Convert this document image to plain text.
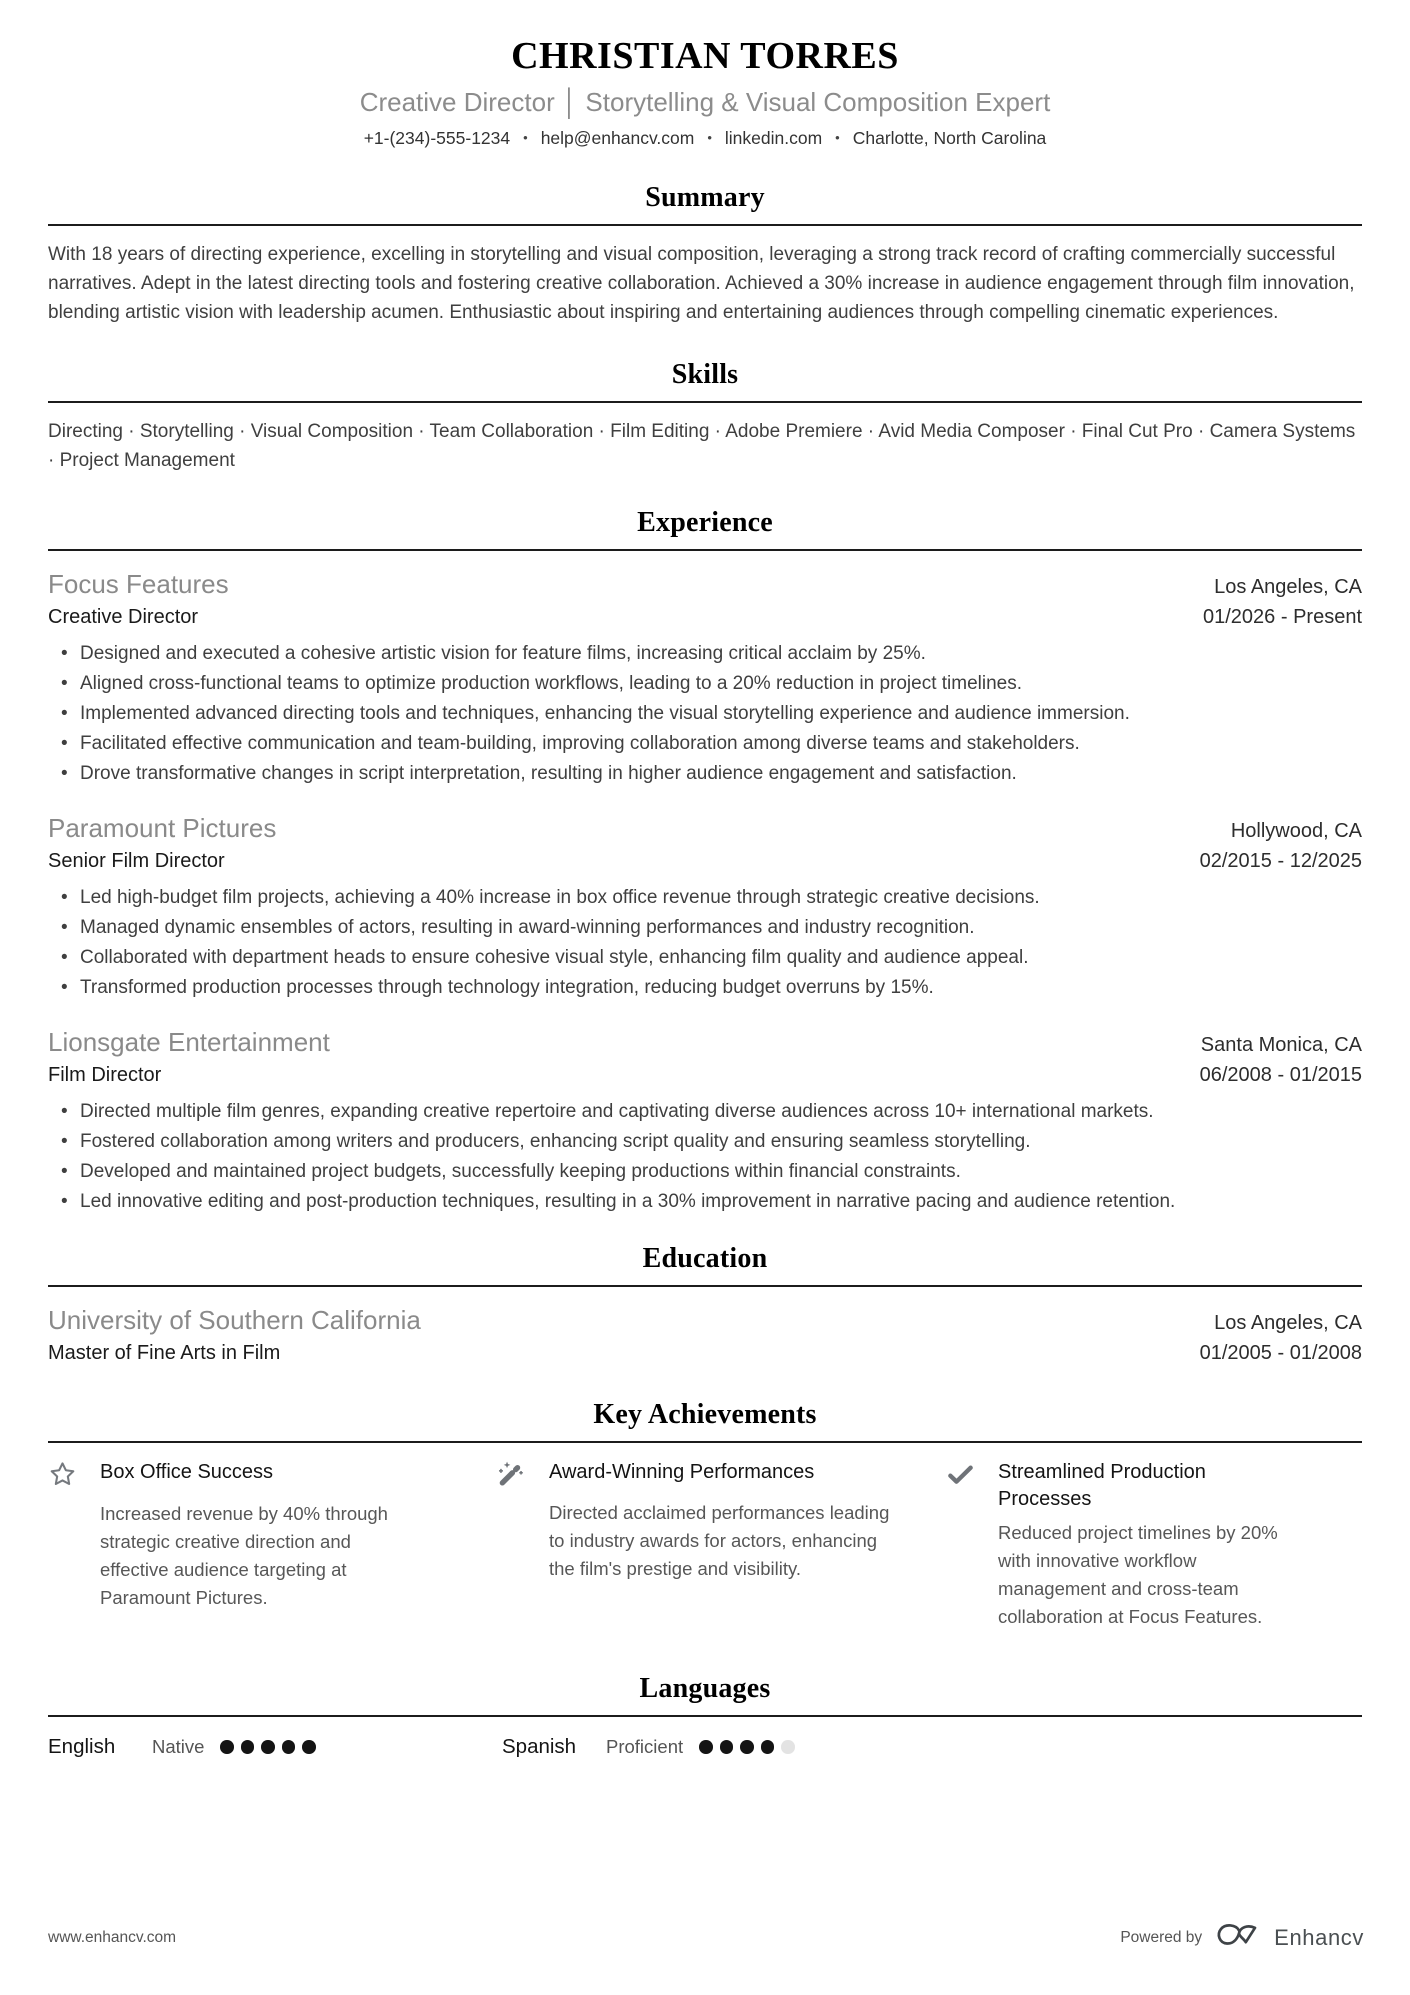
CHRISTIAN TORRES
Creative Director │ Storytelling & Visual Composition Expert
+1-(234)-555-1234 • help@enhancv.com • linkedin.com • Charlotte, North Carolina
Summary

With 18 years of directing experience, excelling in storytelling and visual composition, leveraging a strong track record of crafting commercially successful narratives. Adept in the latest directing tools and fostering creative collaboration. Achieved a 30% increase in audience engagement through film innovation, blending artistic vision with leadership acumen. Enthusiastic about inspiring and entertaining audiences through compelling cinematic experiences.

Skills

Directing · Storytelling · Visual Composition · Team Collaboration · Film Editing · Adobe Premiere · Avid Media Composer · Final Cut Pro · Camera Systems · Project Management

Experience
Focus Features	Los Angeles, CA
Creative Director	01/2026 - Present
• Designed and executed a cohesive artistic vision for feature films, increasing critical acclaim by 25%.
• Aligned cross-functional teams to optimize production workflows, leading to a 20% reduction in project timelines.
• Implemented advanced directing tools and techniques, enhancing the visual storytelling experience and audience immersion.
• Facilitated effective communication and team-building, improving collaboration among diverse teams and stakeholders.
• Drove transformative changes in script interpretation, resulting in higher audience engagement and satisfaction.
Paramount Pictures	Hollywood, CA
Senior Film Director	02/2015 - 12/2025
• Led high-budget film projects, achieving a 40% increase in box office revenue through strategic creative decisions.
• Managed dynamic ensembles of actors, resulting in award-winning performances and industry recognition.
• Collaborated with department heads to ensure cohesive visual style, enhancing film quality and audience appeal.
• Transformed production processes through technology integration, reducing budget overruns by 15%.
Lionsgate Entertainment	Santa Monica, CA
Film Director	06/2008 - 01/2015
• Directed multiple film genres, expanding creative repertoire and captivating diverse audiences across 10+ international markets.
• Fostered collaboration among writers and producers, enhancing script quality and ensuring seamless storytelling.
• Developed and maintained project budgets, successfully keeping productions within financial constraints.
• Led innovative editing and post-production techniques, resulting in a 30% improvement in narrative pacing and audience retention.
Education
University of Southern California	Los Angeles, CA
Master of Fine Arts in Film	01/2005 - 01/2008
Key Achievements
Box Office Success

Increased revenue by 40% through strategic creative direction and effective audience targeting at Paramount Pictures.

Award-Winning Performances

Directed acclaimed performances leading to industry awards for actors, enhancing the film's prestige and visibility.

Streamlined Production Processes

Reduced project timelines by 20% with innovative workflow management and cross-team collaboration at Focus Features.

Languages
English	Native	Spanish	Proficient
www.enhancv.com	Powered by	Enhancv
